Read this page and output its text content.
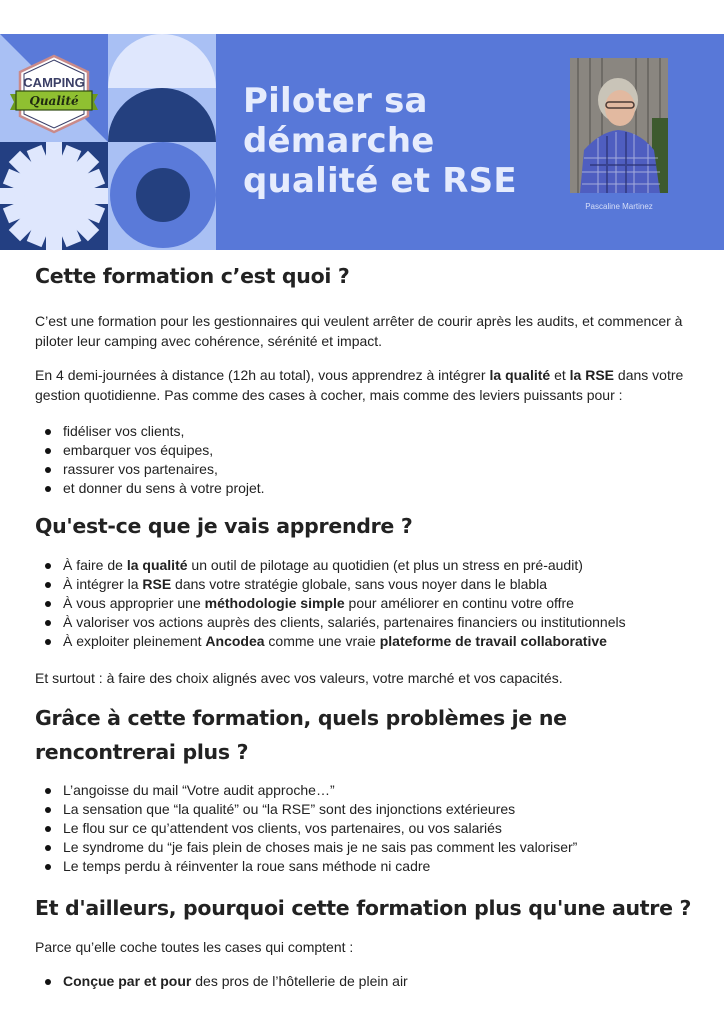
CAMPING
Qualité	Piloter sa
démarche
qualité et RSE
Pascaline Martinez
Cette formation c’est quoi ?

C’est une formation pour les gestionnaires qui veulent arrêter de courir après les audits, et commencer à piloter leur camping avec cohérence, sérénité et impact.

En 4 demi-journées à distance (12h au total), vous apprendrez à intégrer la qualité et la RSE dans votre gestion quotidienne. Pas comme des cases à cocher, mais comme des leviers puissants pour :

fidéliser vos clients,
embarquer vos équipes,
rassurer vos partenaires,
et donner du sens à votre projet.
Qu'est-ce que je vais apprendre ?
À faire de la qualité un outil de pilotage au quotidien (et plus un stress en pré-audit)
À intégrer la RSE dans votre stratégie globale, sans vous noyer dans le blabla
À vous approprier une méthodologie simple pour améliorer en continu votre offre
À valoriser vos actions auprès des clients, salariés, partenaires financiers ou institutionnels
À exploiter pleinement Ancodea comme une vraie plateforme de travail collaborative

Et surtout : à faire des choix alignés avec vos valeurs, votre marché et vos capacités.

Grâce à cette formation, quels problèmes je ne rencontrerai plus ?
L’angoisse du mail “Votre audit approche…”
La sensation que “la qualité” ou “la RSE” sont des injonctions extérieures
Le flou sur ce qu’attendent vos clients, vos partenaires, ou vos salariés
Le syndrome du “je fais plein de choses mais je ne sais pas comment les valoriser”
Le temps perdu à réinventer la roue sans méthode ni cadre
Et d'ailleurs, pourquoi cette formation plus qu'une autre ?

Parce qu’elle coche toutes les cases qui comptent :

Conçue par et pour des pros de l’hôtellerie de plein air
